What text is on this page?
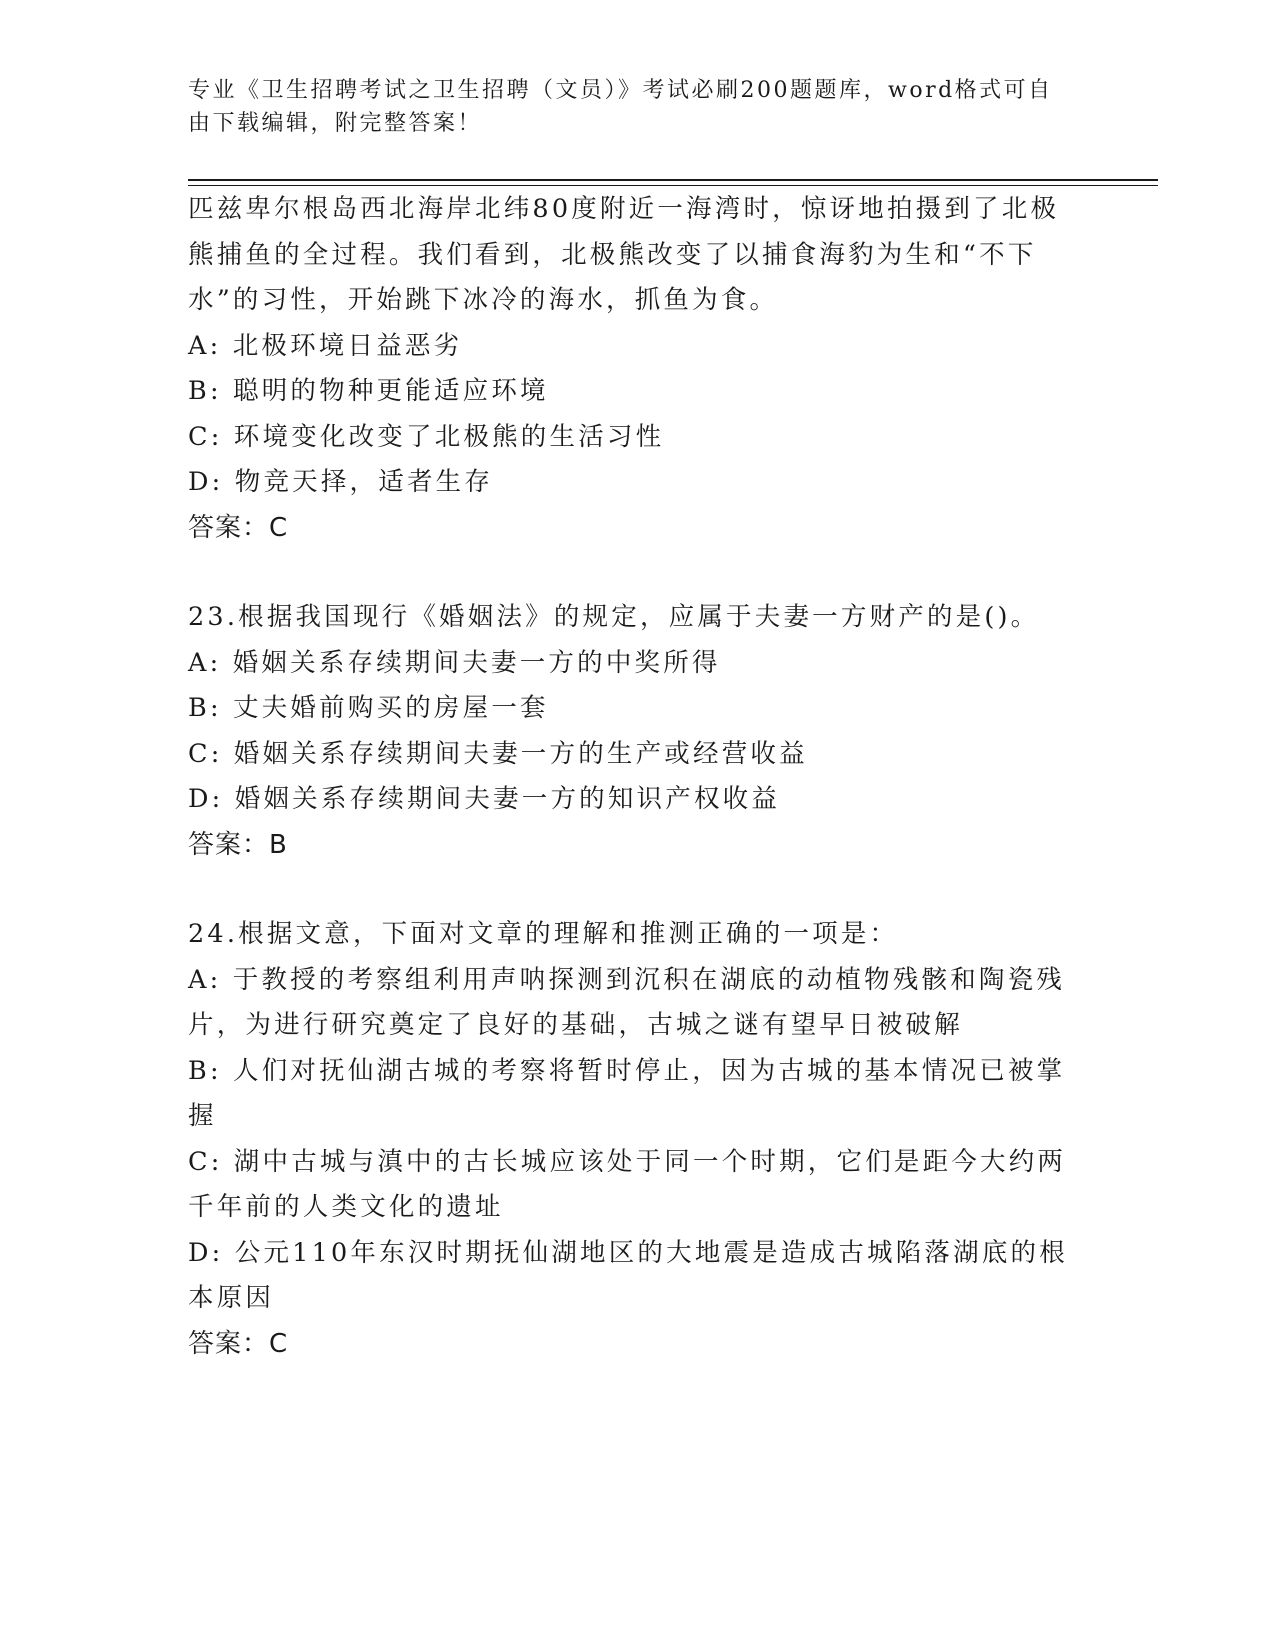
专业《卫生招聘考试之卫生招聘（文员）》考试必刷200题题库，word格式可自
由下载编辑，附完整答案！
匹兹卑尔根岛西北海岸北纬80度附近一海湾时，惊讶地拍摄到了北极
熊捕鱼的全过程。我们看到，北极熊改变了以捕食海豹为生和“不下
水”的习性，开始跳下冰冷的海水，抓鱼为食。
A: 北极环境日益恶劣
B: 聪明的物种更能适应环境
C: 环境变化改变了北极熊的生活习性
D: 物竞天择，适者生存
答案：C
23.根据我国现行《婚姻法》的规定，应属于夫妻一方财产的是()。
A: 婚姻关系存续期间夫妻一方的中奖所得
B: 丈夫婚前购买的房屋一套
C: 婚姻关系存续期间夫妻一方的生产或经营收益
D: 婚姻关系存续期间夫妻一方的知识产权收益
答案：B
24.根据文意，下面对文章的理解和推测正确的一项是：
A: 于教授的考察组利用声呐探测到沉积在湖底的动植物残骸和陶瓷残
片，为进行研究奠定了良好的基础，古城之谜有望早日被破解
B: 人们对抚仙湖古城的考察将暂时停止，因为古城的基本情况已被掌
握
C: 湖中古城与滇中的古长城应该处于同一个时期，它们是距今大约两
千年前的人类文化的遗址
D: 公元110年东汉时期抚仙湖地区的大地震是造成古城陷落湖底的根
本原因
答案：C
